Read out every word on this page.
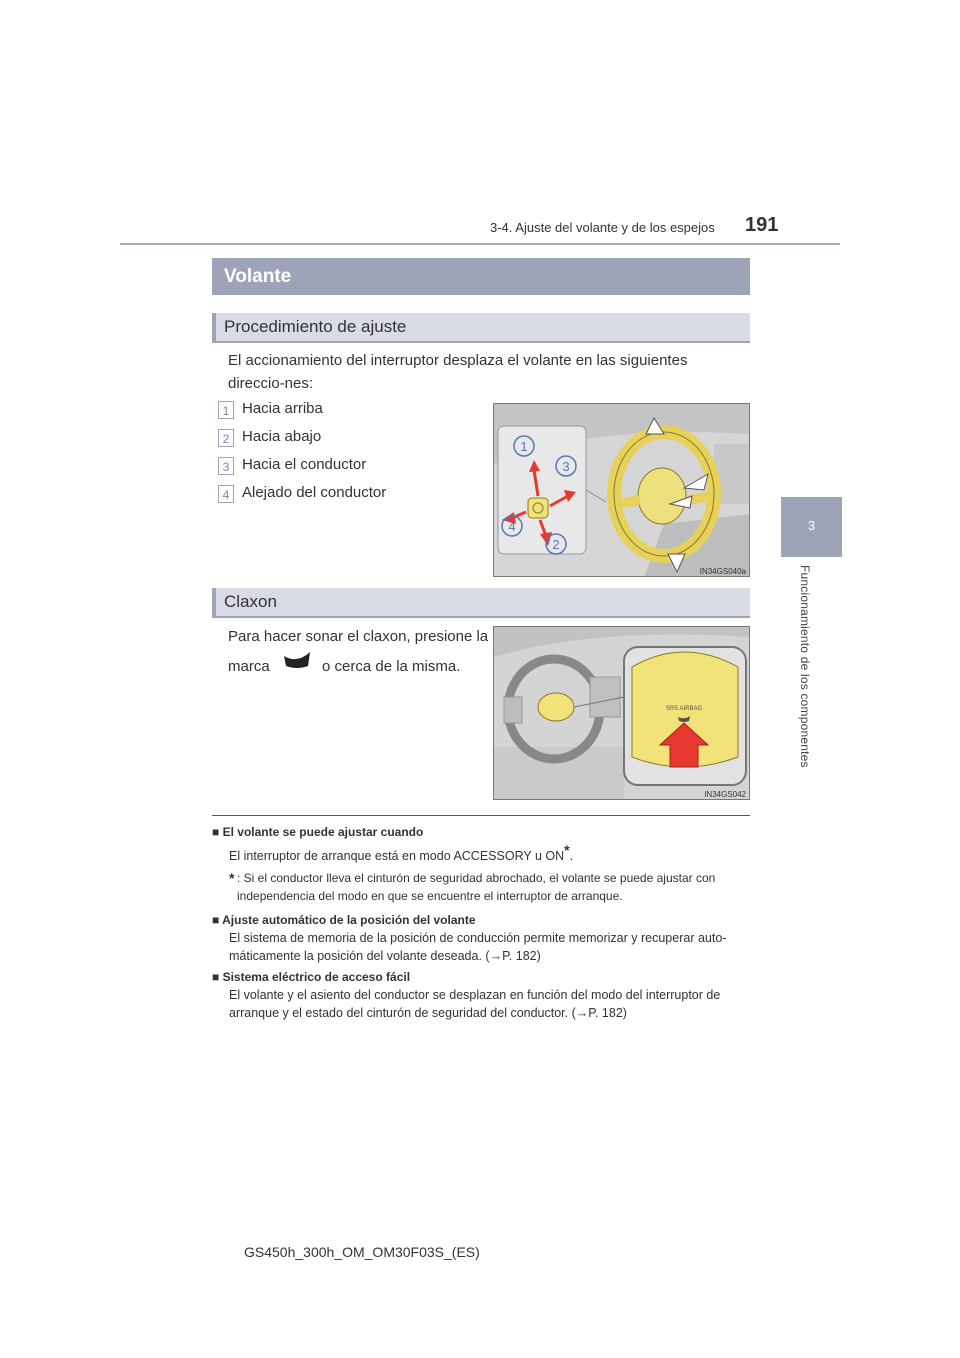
3-4. Ajuste del volante y de los espejos 191
3
Funcionamiento de los componentes
Volante
Procedimiento de ajuste
El accionamiento del interruptor desplaza el volante en las siguientes direccio-nes:
1 Hacia arriba
2 Hacia abajo
3 Hacia el conductor
4 Alejado del conductor
1
3
4
2
IN34GS040a
Claxon
Para hacer sonar el claxon, presione la
marca	o cerca de la misma.
SRS AIRBAG
IN34GS042
■ El volante se puede ajustar cuando
El interruptor de arranque está en modo ACCESSORY u ON*.
* : Si el conductor lleva el cinturón de seguridad abrochado, el volante se puede ajustar con independencia del modo en que se encuentre el interruptor de arranque.
■ Ajuste automático de la posición del volante
El sistema de memoria de la posición de conducción permite memorizar y recuperar auto-máticamente la posición del volante deseada. (→P. 182)
■ Sistema eléctrico de acceso fácil
El volante y el asiento del conductor se desplazan en función del modo del interruptor de arranque y el estado del cinturón de seguridad del conductor. (→P. 182)
GS450h_300h_OM_OM30F03S_(ES)
